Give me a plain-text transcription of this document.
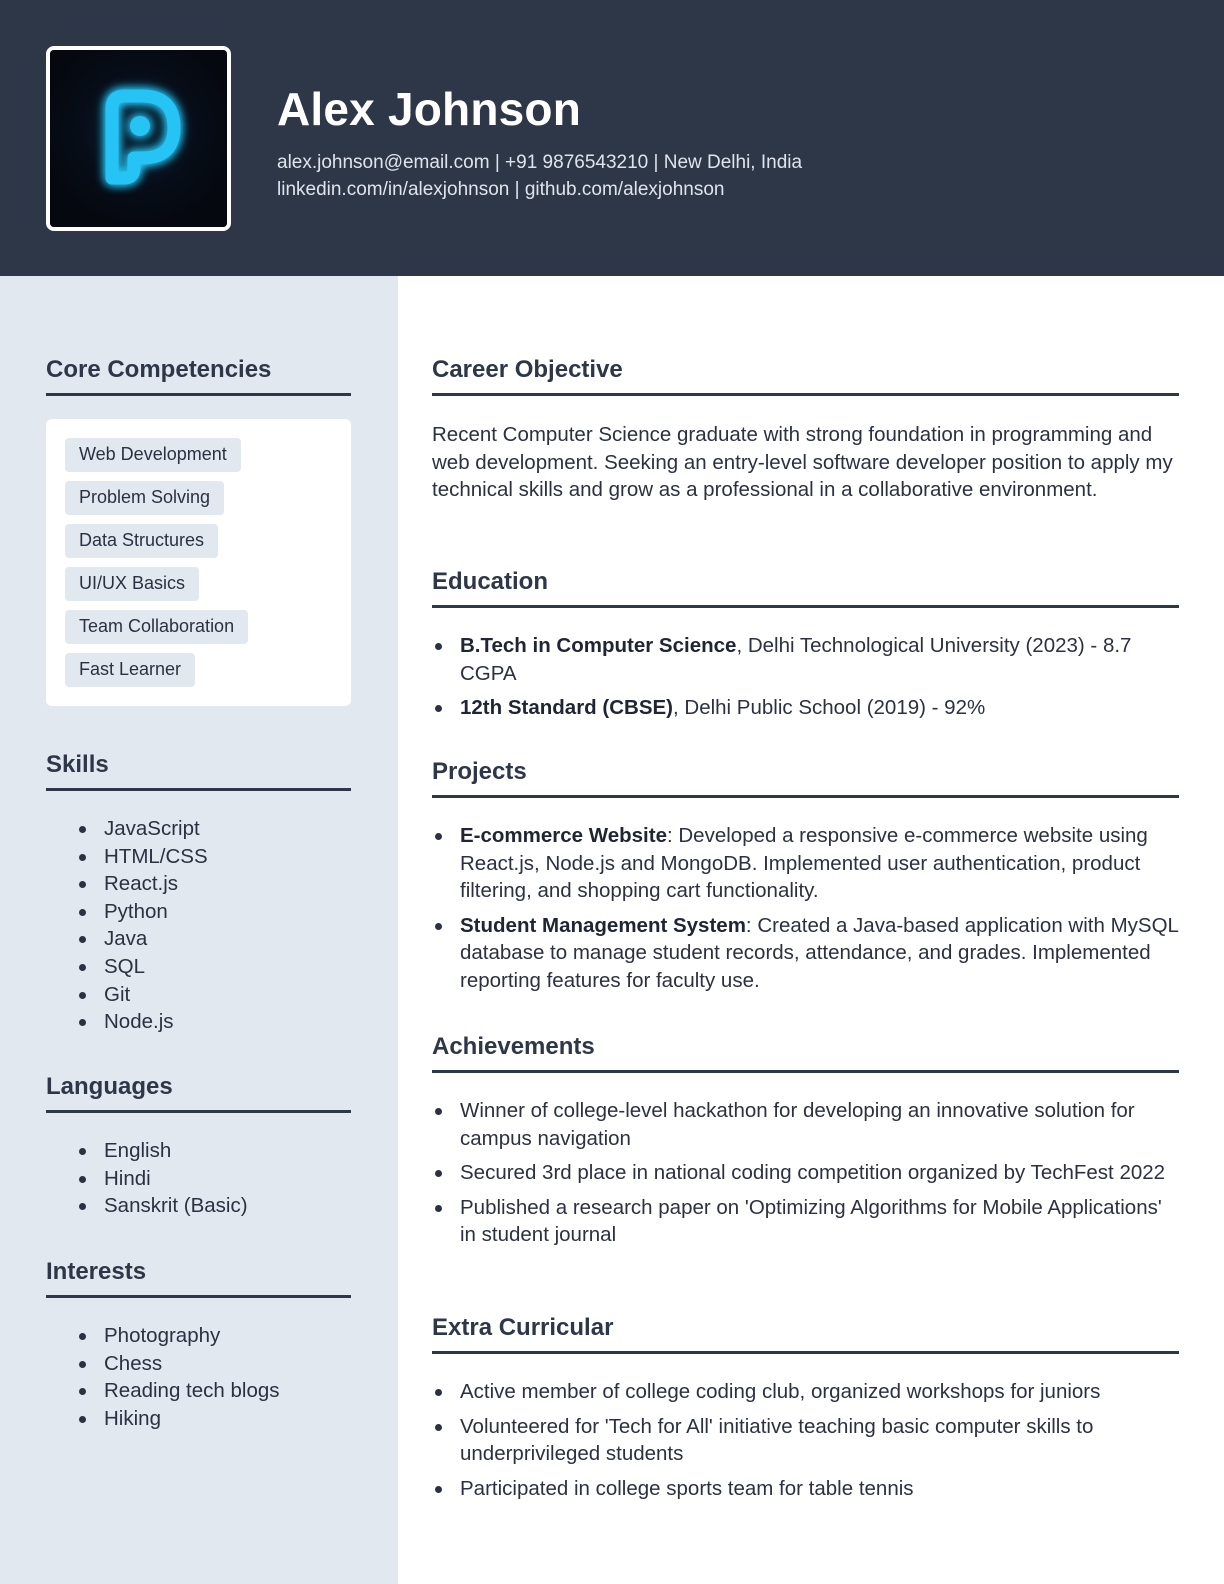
Alex Johnson
alex.johnson@email.com | +91 9876543210 | New Delhi, India
linkedin.com/in/alexjohnson | github.com/alexjohnson
Core Competencies
Web Development
Problem Solving
Data Structures
UI/UX Basics
Team Collaboration
Fast Learner
Skills
JavaScript
HTML/CSS
React.js
Python
Java
SQL
Git
Node.js
Languages
English
Hindi
Sanskrit (Basic)
Interests
Photography
Chess
Reading tech blogs
Hiking
Career Objective
Recent Computer Science graduate with strong foundation in programming and web development. Seeking an entry-level software developer position to apply my technical skills and grow as a professional in a collaborative environment.
Education
B.Tech in Computer Science, Delhi Technological University (2023) - 8.7 CGPA
12th Standard (CBSE), Delhi Public School (2019) - 92%
Projects
E-commerce Website: Developed a responsive e-commerce website using React.js, Node.js and MongoDB. Implemented user authentication, product filtering, and shopping cart functionality.
Student Management System: Created a Java-based application with MySQL database to manage student records, attendance, and grades. Implemented reporting features for faculty use.
Achievements
Winner of college-level hackathon for developing an innovative solution for campus navigation
Secured 3rd place in national coding competition organized by TechFest 2022
Published a research paper on 'Optimizing Algorithms for Mobile Applications' in student journal
Extra Curricular
Active member of college coding club, organized workshops for juniors
Volunteered for 'Tech for All' initiative teaching basic computer skills to underprivileged students
Participated in college sports team for table tennis
